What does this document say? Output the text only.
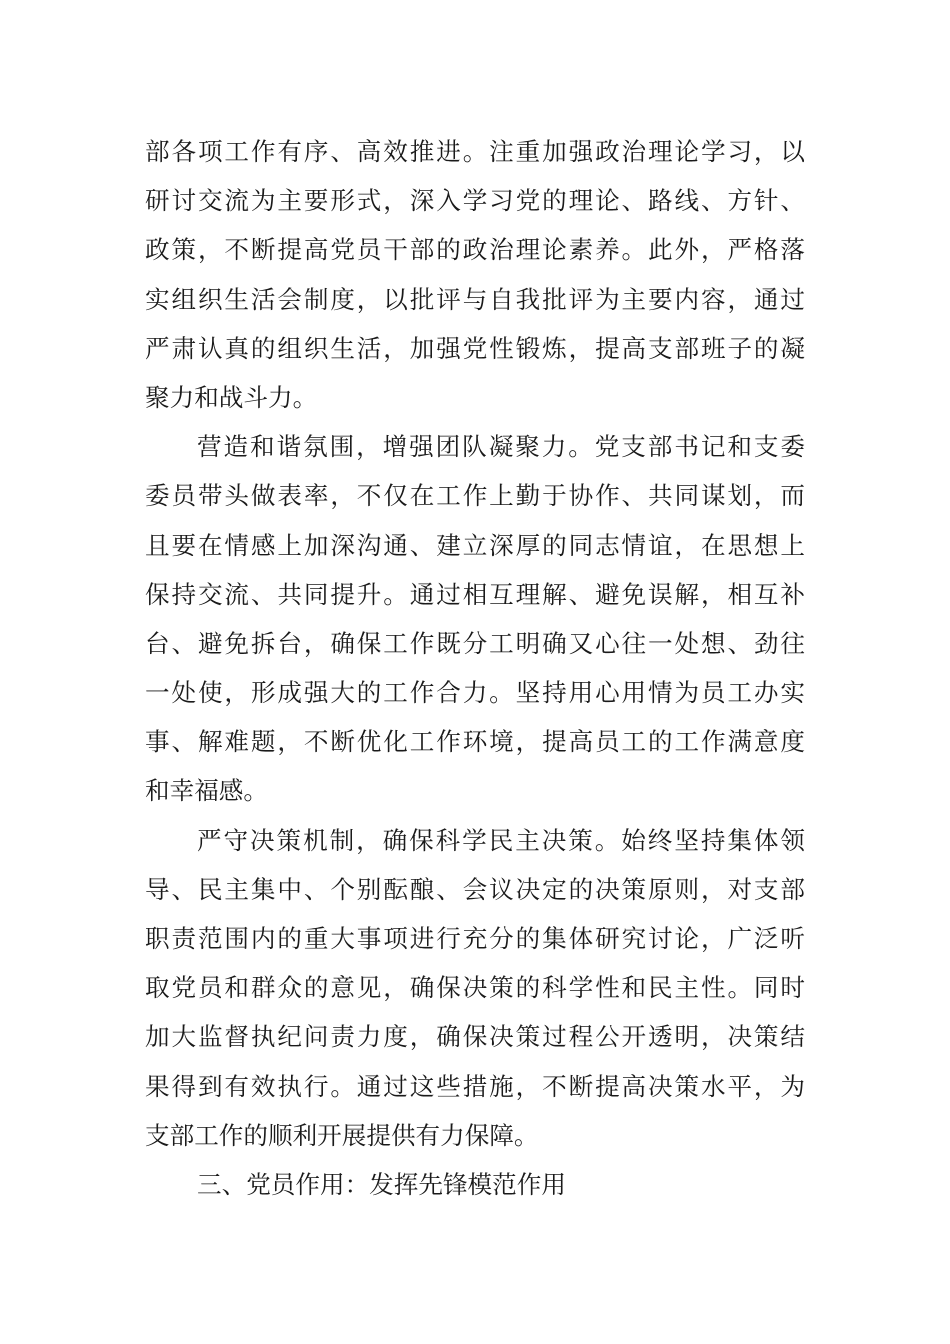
部各项工作有序、高效推进。注重加强政治理论学习，以
研讨交流为主要形式，深入学习党的理论、路线、方针、
政策，不断提高党员干部的政治理论素养。此外，严格落
实组织生活会制度，以批评与自我批评为主要内容，通过
严肃认真的组织生活，加强党性锻炼，提高支部班子的凝
聚力和战斗力。
营造和谐氛围，增强团队凝聚力。党支部书记和支委
委员带头做表率，不仅在工作上勤于协作、共同谋划，而
且要在情感上加深沟通、建立深厚的同志情谊，在思想上
保持交流、共同提升。通过相互理解、避免误解，相互补
台、避免拆台，确保工作既分工明确又心往一处想、劲往
一处使，形成强大的工作合力。坚持用心用情为员工办实
事、解难题，不断优化工作环境，提高员工的工作满意度
和幸福感。
严守决策机制，确保科学民主决策。始终坚持集体领
导、民主集中、个别酝酿、会议决定的决策原则，对支部
职责范围内的重大事项进行充分的集体研究讨论，广泛听
取党员和群众的意见，确保决策的科学性和民主性。同时
加大监督执纪问责力度，确保决策过程公开透明，决策结
果得到有效执行。通过这些措施，不断提高决策水平，为
支部工作的顺利开展提供有力保障。
三、党员作用：发挥先锋模范作用
